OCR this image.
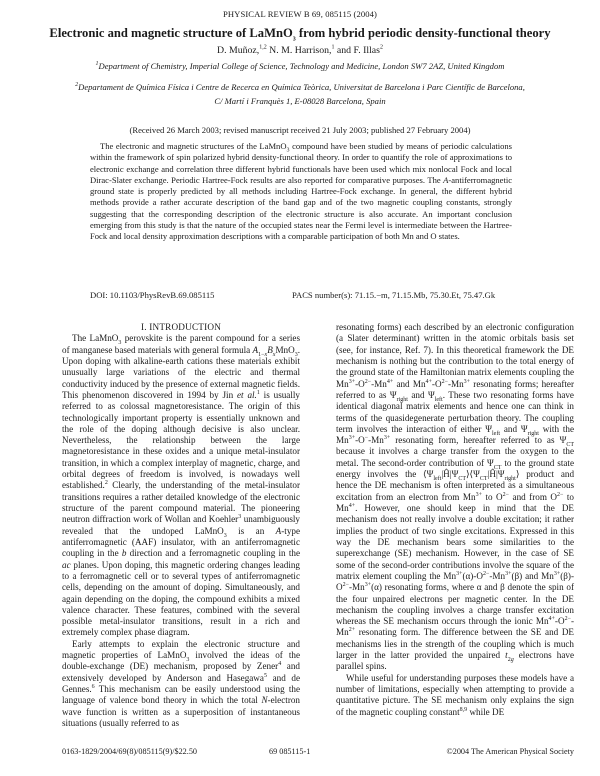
PHYSICAL REVIEW B 69, 085115 (2004)
Electronic and magnetic structure of LaMnO$_3$ from hybrid periodic density-functional theory
D. Muñoz,$^{1,2}$ N. M. Harrison,$^1$ and F. Illas$^2$
$^1$Department of Chemistry, Imperial College of Science, Technology and Medicine, London SW7 2AZ, United Kingdom
$^2$Departament de Química Física i Centre de Recerca en Química Teòrica, Universitat de Barcelona i Parc Científic de Barcelona,
C/ Martí i Franquès 1, E-08028 Barcelona, Spain
(Received 26 March 2003; revised manuscript received 21 July 2003; published 27 February 2004)

The electronic and magnetic structures of the LaMnO$_3$ compound have been studied by means of periodic calculations within the framework of spin polarized hybrid density-functional theory. In order to quantify the role of approximations to electronic exchange and correlation three different hybrid functionals have been used which mix nonlocal Fock and local Dirac-Slater exchange. Periodic Hartree-Fock results are also reported for comparative purposes. The A-antiferromagnetic ground state is properly predicted by all methods including Hartree-Fock exchange. In general, the different hybrid methods provide a rather accurate description of the band gap and of the two magnetic coupling constants, strongly suggesting that the corresponding description of the electronic structure is also accurate. An important conclusion emerging from this study is that the nature of the occupied states near the Fermi level is intermediate between the Hartree-Fock and local density approximation descriptions with a comparable participation of both Mn and O states.

DOI: 10.1103/PhysRevB.69.085115	PACS number(s): 71.15.−m, 71.15.Mb, 75.30.Et, 75.47.Gk

I. INTRODUCTION

The LaMnO$_3$ perovskite is the parent compound for a series of manganese based materials with general formula $A_{1-x}B_xMnO_3$. Upon doping with alkaline-earth cations these materials exhibit unusually large variations of the electric and thermal conductivity induced by the presence of external magnetic fields. This phenomenon discovered in 1994 by Jin et al.$^1$ is usually referred to as colossal magnetoresistance. The origin of this technologically important property is essentially unknown and the role of the doping although decisive is also unclear. Nevertheless, the relationship between the large magnetoresistance in these oxides and a unique metal-insulator transition, in which a complex interplay of magnetic, charge, and orbital degrees of freedom is involved, is nowadays well established.$^2$ Clearly, the understanding of the metal-insulator transitions requires a rather detailed knowledge of the electronic structure of the parent compound material. The pioneering neutron diffraction work of Wollan and Koehler$^3$ unambiguously revealed that the undoped LaMnO$_3$ is an A-type antiferromagnetic (AAF) insulator, with an antiferromagnetic coupling in the b direction and a ferromagnetic coupling in the ac planes. Upon doping, this magnetic ordering changes leading to a ferromagnetic cell or to several types of antiferromagnetic cells, depending on the amount of doping. Simultaneously, and again depending on the doping, the compound exhibits a mixed valence character. These features, combined with the several possible metal-insulator transitions, result in a rich and extremely complex phase diagram.

Early attempts to explain the electronic structure and magnetic properties of LaMnO$_3$ involved the ideas of the double-exchange (DE) mechanism, proposed by Zener$^4$ and extensively developed by Anderson and Hasegawa$^5$ and de Gennes.$^6$ This mechanism can be easily understood using the language of valence bond theory in which the total N-electron wave function is written as a superposition of instantaneous situations (usually referred to as

resonating forms) each described by an electronic configuration (a Slater determinant) written in the atomic orbitals basis set (see, for instance, Ref. 7). In this theoretical framework the DE mechanism is nothing but the contribution to the total energy of the ground state of the Hamiltonian matrix elements coupling the $Mn^{3+}-O^{2-}-Mn^{4+}$ and $Mn^{4+}-O^{2-}-Mn^{3+}$ resonating forms; hereafter referred to as $\Psi_{right}$ and $\Psi_{left}$. These two resonating forms have identical diagonal matrix elements and hence one can think in terms of the quasidegenerate perturbation theory. The coupling term involves the interaction of either $\Psi_{left}$ and $\Psi_{right}$ with the $Mn^{3+}-O^--Mn^{3+}$ resonating form, hereafter referred to as $\Psi_{CT}$ because it involves a charge transfer from the oxygen to the metal. The second-order contribution of $\Psi_{CT}$ to the ground state energy involves the $⟨\Psi_{left}|Ĥ|\Psi_{CT}⟩⟨\Psi_{CT}|Ĥ|\Psi_{right}⟩$ product and hence the DE mechanism is often interpreted as a simultaneous excitation from an electron from $Mn^{3+}$ to $O^{2-}$ and from $O^{2-}$ to $Mn^{4+}$. However, one should keep in mind that the DE mechanism does not really involve a double excitation; it rather implies the product of two single excitations. Expressed in this way the DE mechanism bears some similarities to the superexchange (SE) mechanism. However, in the case of SE some of the second-order contributions involve the square of the matrix element coupling the $Mn^{3+}(\alpha)-O^{2-}-Mn^{3+}(\beta)$ and $Mn^{3+}(\beta)-O^{2-}-Mn^{3+}(\alpha)$ resonating forms, where α and β denote the spin of the four unpaired electrons per magnetic center. In the DE mechanism the coupling involves a charge transfer excitation whereas the SE mechanism occurs through the ionic $Mn^{4+}-O^{2-}-Mn^{2+}$ resonating form. The difference between the SE and DE mechanisms lies in the strength of the coupling which is much larger in the latter provided the unpaired $t_{2g}$ electrons have parallel spins.

While useful for understanding purposes these models have a number of limitations, especially when attempting to provide a quantitative picture. The SE mechanism only explains the sign of the magnetic coupling constant$^{8,9}$ while DE

0163-1829/2004/69(8)/085115(9)/$22.50	69 085115-1	©2004 The American Physical Society
